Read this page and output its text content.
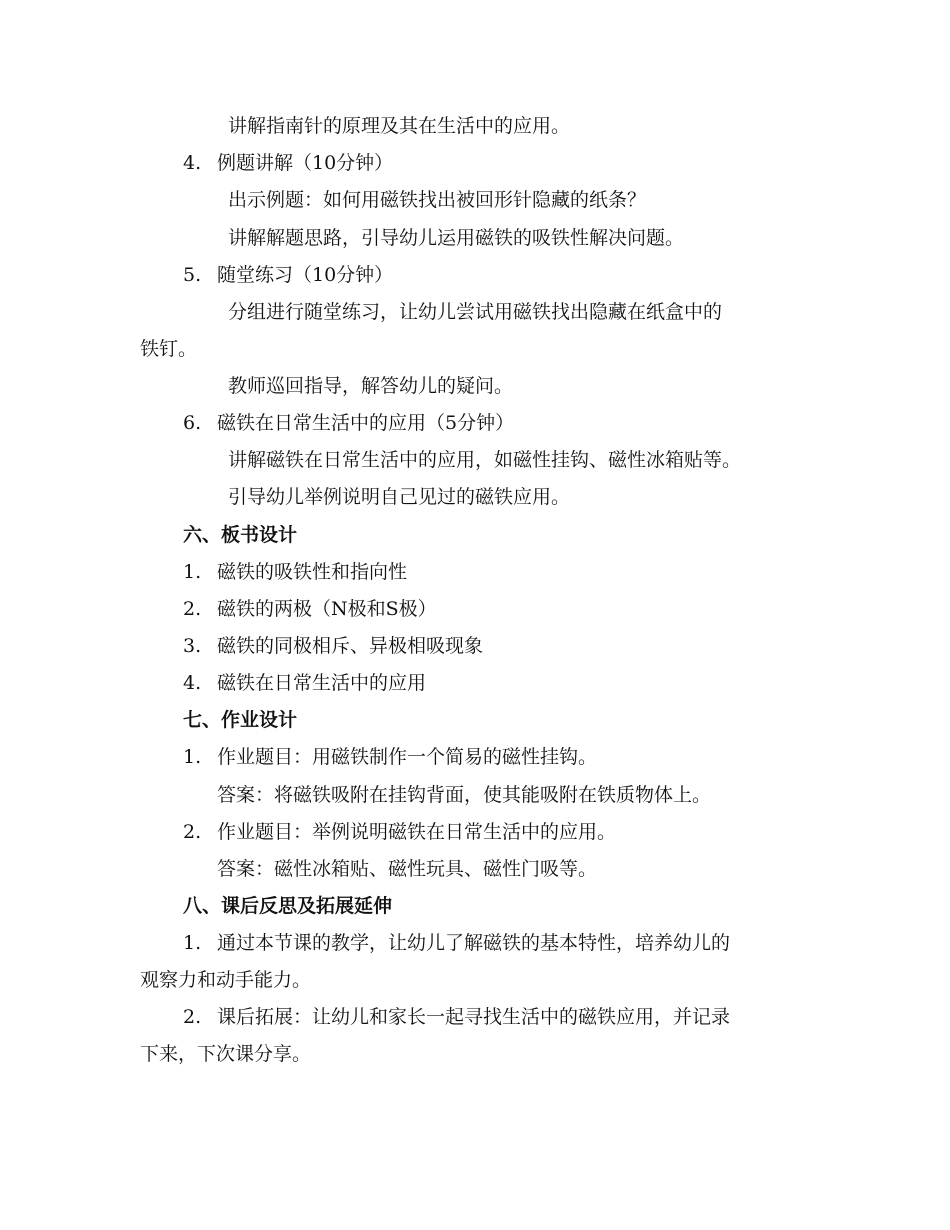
讲解指南针的原理及其在生活中的应用。
4. 例题讲解（10分钟）
出示例题：如何用磁铁找出被回形针隐藏的纸条？
讲解解题思路，引导幼儿运用磁铁的吸铁性解决问题。
5. 随堂练习（10分钟）
分组进行随堂练习，让幼儿尝试用磁铁找出隐藏在纸盒中的
铁钉。
教师巡回指导，解答幼儿的疑问。
6. 磁铁在日常生活中的应用（5分钟）
讲解磁铁在日常生活中的应用，如磁性挂钩、磁性冰箱贴等。
引导幼儿举例说明自己见过的磁铁应用。
六、板书设计
1. 磁铁的吸铁性和指向性
2. 磁铁的两极（N极和S极）
3. 磁铁的同极相斥、异极相吸现象
4. 磁铁在日常生活中的应用
七、作业设计
1. 作业题目：用磁铁制作一个简易的磁性挂钩。
答案：将磁铁吸附在挂钩背面，使其能吸附在铁质物体上。
2. 作业题目：举例说明磁铁在日常生活中的应用。
答案：磁性冰箱贴、磁性玩具、磁性门吸等。
八、课后反思及拓展延伸
1. 通过本节课的教学，让幼儿了解磁铁的基本特性，培养幼儿的
观察力和动手能力。
2. 课后拓展：让幼儿和家长一起寻找生活中的磁铁应用，并记录
下来，下次课分享。
